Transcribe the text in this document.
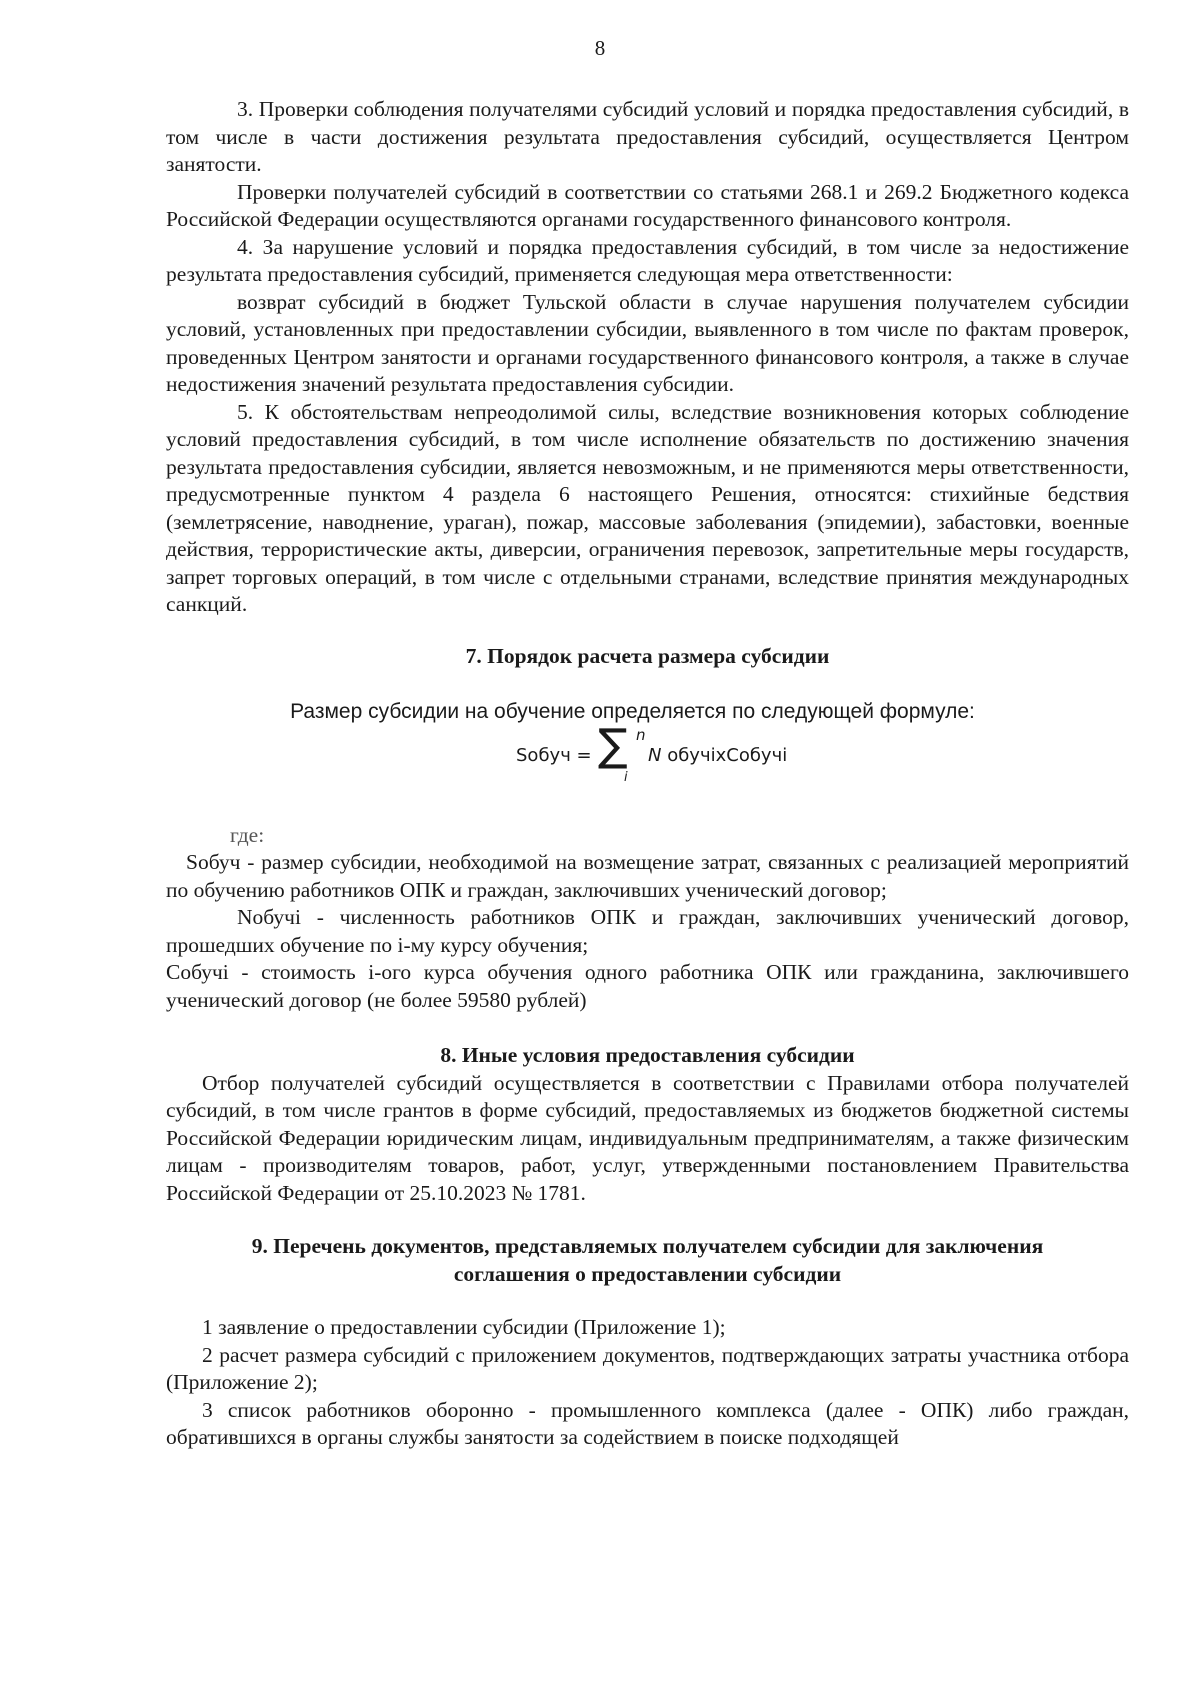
8

3. Проверки соблюдения получателями субсидий условий и порядка предоставления субсидий, в том числе в части достижения результата предоставления субсидий, осуществляется Центром занятости.

Проверки получателей субсидий в соответствии со статьями 268.1 и 269.2 Бюджетного кодекса Российской Федерации осуществляются органами государственного финансового контроля.

4. За нарушение условий и порядка предоставления субсидий, в том числе за недостижение результата предоставления субсидий, применяется следующая мера ответственности:

возврат субсидий в бюджет Тульской области в случае нарушения получателем субсидии условий, установленных при предоставлении субсидии, выявленного в том числе по фактам проверок, проведенных Центром занятости и органами государственного финансового контроля, а также в случае недостижения значений результата предоставления субсидии.

5. К обстоятельствам непреодолимой силы, вследствие возникновения которых соблюдение условий предоставления субсидий, в том числе исполнение обязательств по достижению значения результата предоставления субсидии, является невозможным, и не применяются меры ответственности, предусмотренные пунктом 4 раздела 6 настоящего Решения, относятся: стихийные бедствия (землетрясение, наводнение, ураган), пожар, массовые заболевания (эпидемии), забастовки, военные действия, террористические акты, диверсии, ограничения перевозок, запретительные меры государств, запрет торговых операций, в том числе с отдельными странами, вследствие принятия международных санкций.

7. Порядок расчета размера субсидии
Размер субсидии на обучение определяется по следующей формуле:
Sобуч = ∑ n
i
N обучiхСобучi
где:

Sобуч - размер субсидии, необходимой на возмещение затрат, связанных с реализацией мероприятий по обучению работников ОПК и граждан, заключивших ученический договор;

Nобучi - численность работников ОПК и граждан, заключивших ученический договор, прошедших обучение по i-му курсу обучения;

Собучi - стоимость i-ого курса обучения одного работника ОПК или гражданина, заключившего ученический договор (не более 59580 рублей)

8. Иные условия предоставления субсидии

Отбор получателей субсидий осуществляется в соответствии с Правилами отбора получателей субсидий, в том числе грантов в форме субсидий, предоставляемых из бюджетов бюджетной системы Российской Федерации юридическим лицам, индивидуальным предпринимателям, а также физическим лицам - производителям товаров, работ, услуг, утвержденными постановлением Правительства Российской Федерации от 25.10.2023 № 1781.

9. Перечень документов, представляемых получателем субсидии для заключения
соглашения о предоставлении субсидии

1 заявление о предоставлении субсидии (Приложение 1);

2 расчет размера субсидий с приложением документов, подтверждающих затраты участника отбора (Приложение 2);

3 список работников оборонно - промышленного комплекса (далее - ОПК) либо граждан, обратившихся в органы службы занятости за содействием в поиске подходящей
